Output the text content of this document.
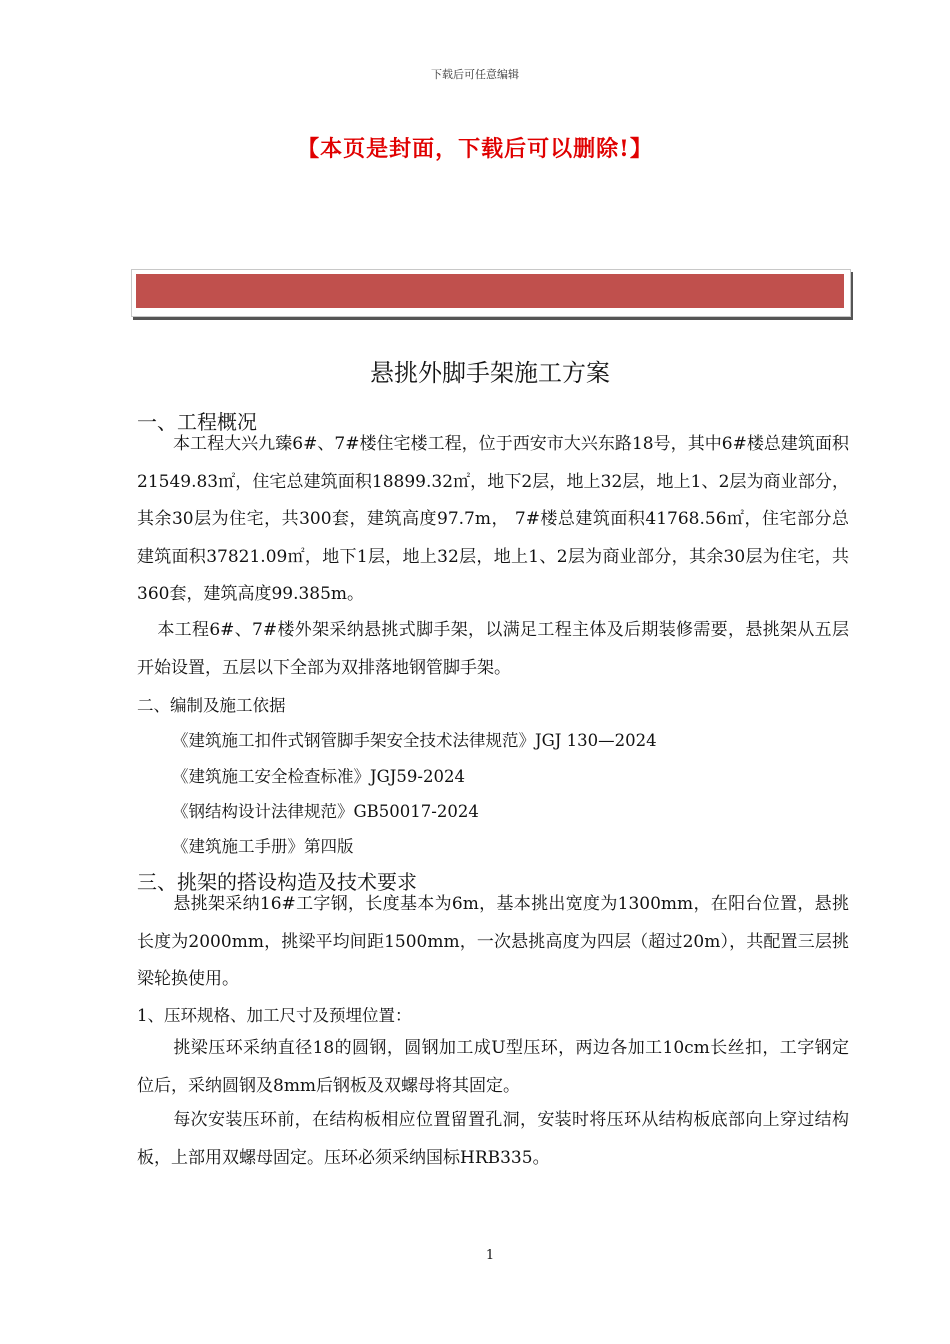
下载后可任意编辑
【本页是封面，下载后可以删除!】
悬挑外脚手架施工方案
一、工程概况
本工程大兴九臻6#、7#楼住宅楼工程，位于西安市大兴东路18号，其中6#楼总建筑面积21549.83㎡，住宅总建筑面积18899.32㎡，地下2层，地上32层，地上1、2层为商业部分，其余30层为住宅，共300套，建筑高度97.7m， 7#楼总建筑面积41768.56㎡，住宅部分总建筑面积37821.09㎡，地下1层，地上32层，地上1、2层为商业部分，其余30层为住宅，共360套，建筑高度99.385m。
本工程6#、7#楼外架采纳悬挑式脚手架，以满足工程主体及后期装修需要，悬挑架从五层开始设置，五层以下全部为双排落地钢管脚手架。
二、编制及施工依据
《建筑施工扣件式钢管脚手架安全技术法律规范》JGJ 130—2024
《建筑施工安全检查标准》JGJ59-2024
《钢结构设计法律规范》GB50017-2024
《建筑施工手册》第四版
三、挑架的搭设构造及技术要求
悬挑架采纳16#工字钢，长度基本为6m，基本挑出宽度为1300mm，在阳台位置，悬挑长度为2000mm，挑梁平均间距1500mm，一次悬挑高度为四层（超过20m），共配置三层挑梁轮换使用。
1、压环规格、加工尺寸及预埋位置：
挑梁压环采纳直径18的圆钢，圆钢加工成U型压环，两边各加工10cm长丝扣，工字钢定位后，采纳圆钢及8mm后钢板及双螺母将其固定。
每次安装压环前，在结构板相应位置留置孔洞，安装时将压环从结构板底部向上穿过结构板，上部用双螺母固定。压环必须采纳国标HRB335。
1
